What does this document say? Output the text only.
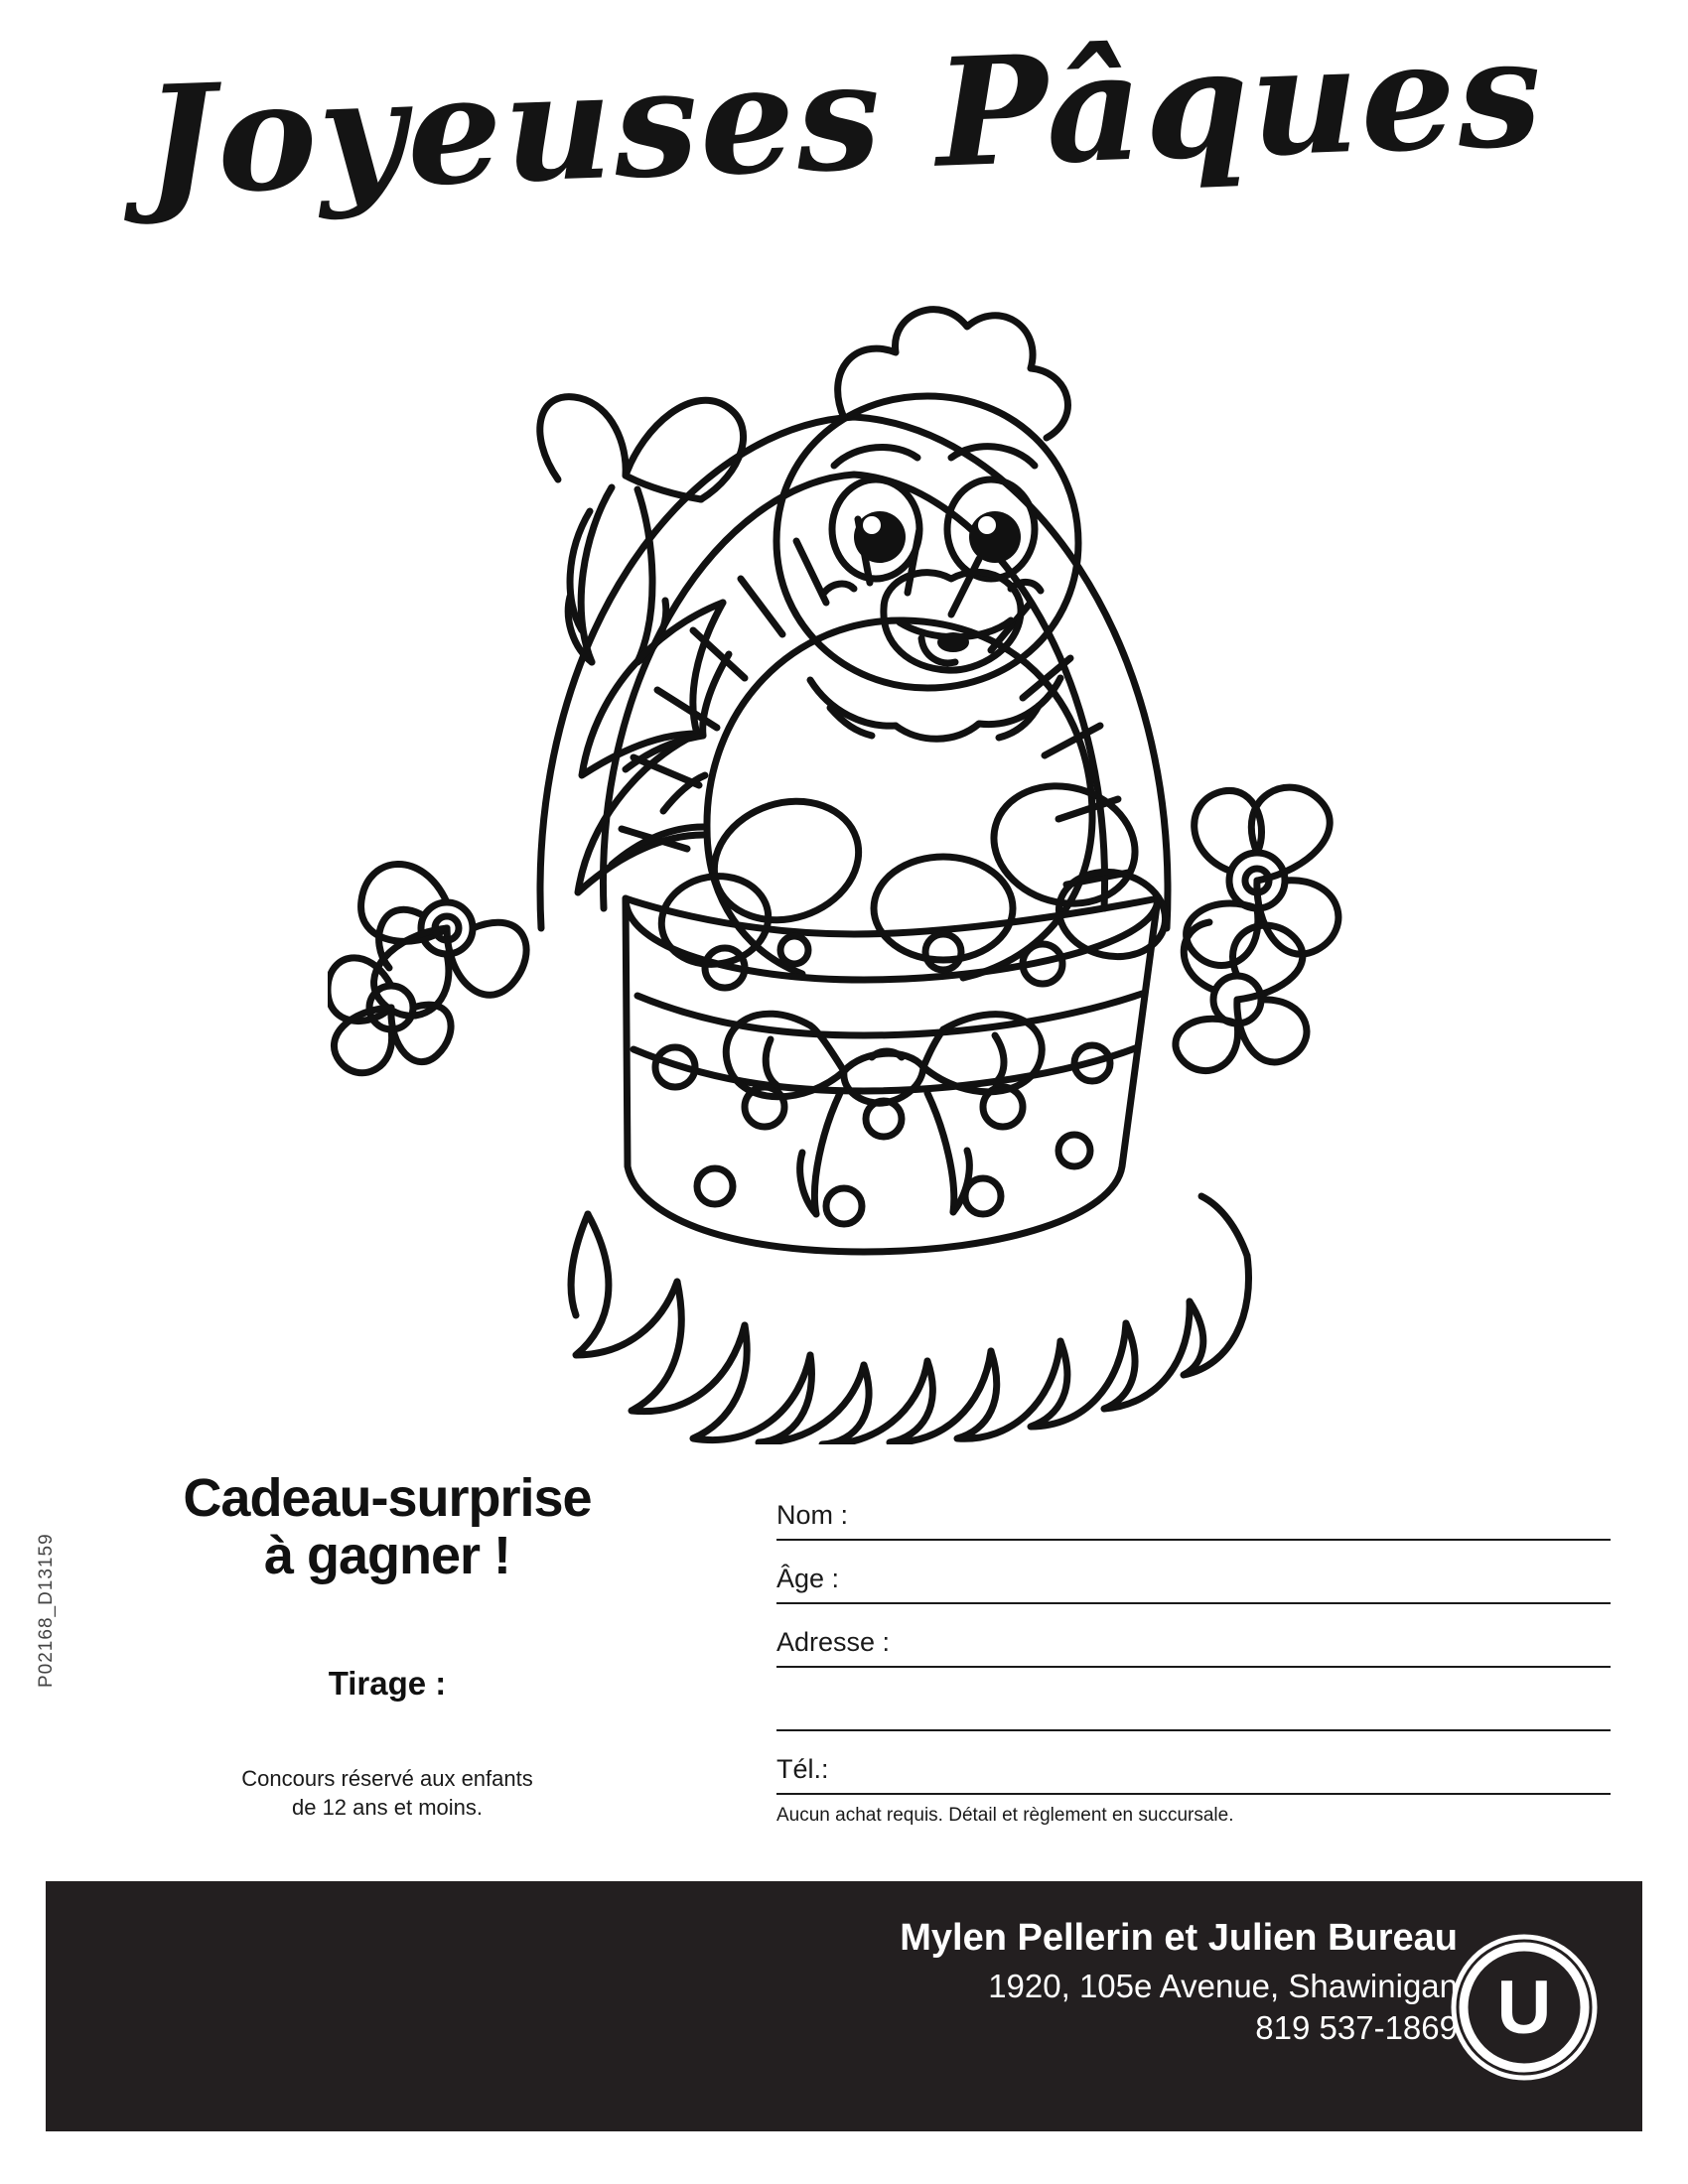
Joyeuses Pâques
Cadeau-surprise
à gagner !
Tirage :
Concours réservé aux enfants
de 12 ans et moins.
Nom :
Âge :
Adresse :
Tél.:
Aucun achat requis. Détail et règlement en succursale.
P02168_D13159
Mylen Pellerin et Julien Bureau
1920, 105e Avenue, Shawinigan
819 537-1869 U
